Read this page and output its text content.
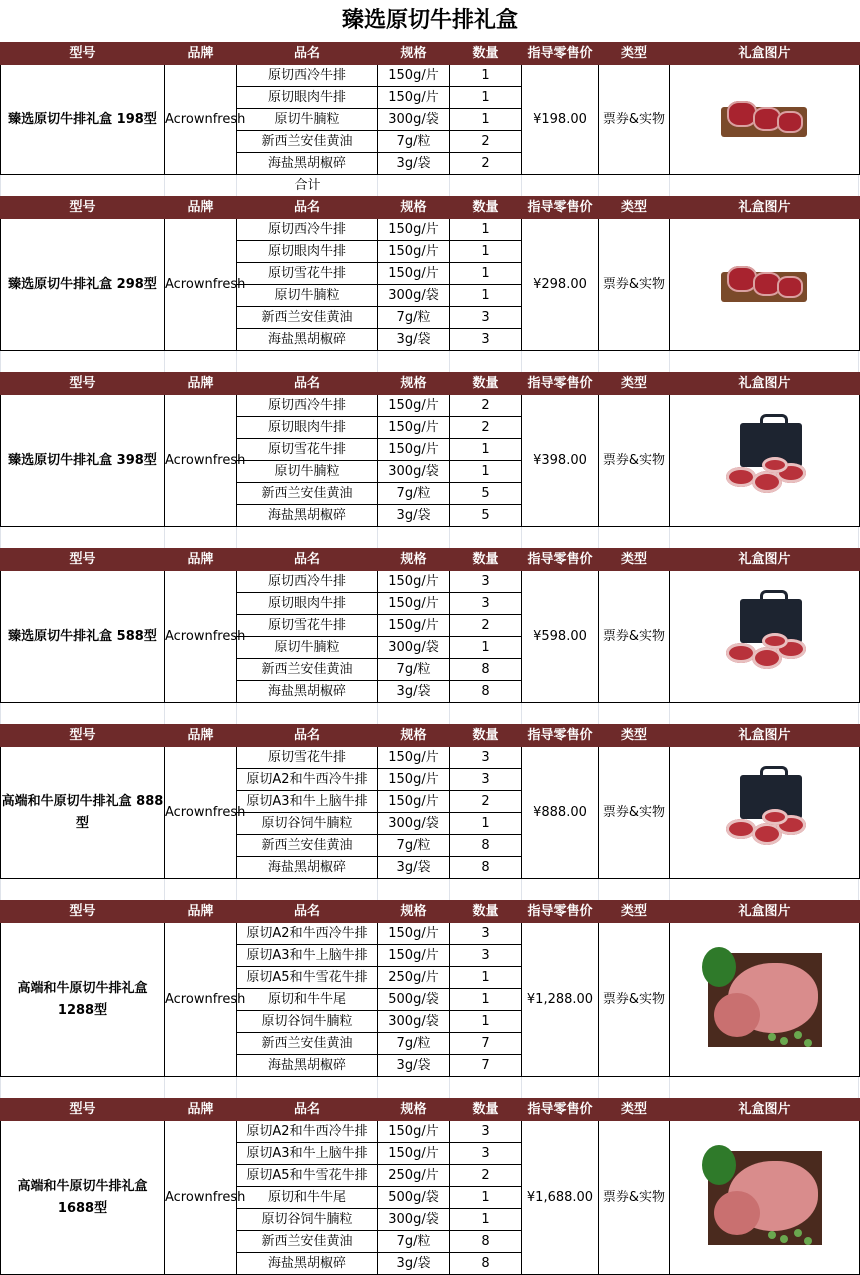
臻选原切牛排礼盒
型号	品牌	品名	规格	数量	指导零售价	类型	礼盒图片
臻选原切牛排礼盒 198型	Acrownfresh	原切西冷牛排	150g/片	1	¥198.00	票券&实物	

		原切眼肉牛排	150g/片	1			
		原切牛腩粒	300g/袋	1			
		新西兰安佳黄油	7g/粒	2			
		海盐黑胡椒碎	3g/袋	2			
合计
型号	品牌	品名	规格	数量	指导零售价	类型	礼盒图片
臻选原切牛排礼盒 298型	Acrownfresh	原切西冷牛排	150g/片	1	¥298.00	票券&实物	

		原切眼肉牛排	150g/片	1			
		原切雪花牛排	150g/片	1			
		原切牛腩粒	300g/袋	1			
		新西兰安佳黄油	7g/粒	3			
		海盐黑胡椒碎	3g/袋	3			
型号	品牌	品名	规格	数量	指导零售价	类型	礼盒图片
臻选原切牛排礼盒 398型	Acrownfresh	原切西冷牛排	150g/片	2	¥398.00	票券&实物	

		原切眼肉牛排	150g/片	2			
		原切雪花牛排	150g/片	1			
		原切牛腩粒	300g/袋	1			
		新西兰安佳黄油	7g/粒	5			
		海盐黑胡椒碎	3g/袋	5			
型号	品牌	品名	规格	数量	指导零售价	类型	礼盒图片
臻选原切牛排礼盒 588型	Acrownfresh	原切西冷牛排	150g/片	3	¥598.00	票券&实物	

		原切眼肉牛排	150g/片	3			
		原切雪花牛排	150g/片	2			
		原切牛腩粒	300g/袋	1			
		新西兰安佳黄油	7g/粒	8			
		海盐黑胡椒碎	3g/袋	8			
型号	品牌	品名	规格	数量	指导零售价	类型	礼盒图片
高端和牛原切牛排礼盒 888型	Acrownfresh	原切雪花牛排	150g/片	3	¥888.00	票券&实物	

		原切A2和牛西冷牛排	150g/片	3			
		原切A3和牛上脑牛排	150g/片	2			
		原切谷饲牛腩粒	300g/袋	1			
		新西兰安佳黄油	7g/粒	8			
		海盐黑胡椒碎	3g/袋	8			
型号	品牌	品名	规格	数量	指导零售价	类型	礼盒图片
高端和牛原切牛排礼盒 1288型	Acrownfresh	原切A2和牛西冷牛排	150g/片	3	¥1,288.00	票券&实物	

		原切A3和牛上脑牛排	150g/片	3			
		原切A5和牛雪花牛排	250g/片	1			
		原切和牛牛尾	500g/袋	1			
		原切谷饲牛腩粒	300g/袋	1			
		新西兰安佳黄油	7g/粒	7			
		海盐黑胡椒碎	3g/袋	7			
型号	品牌	品名	规格	数量	指导零售价	类型	礼盒图片
高端和牛原切牛排礼盒 1688型	Acrownfresh	原切A2和牛西冷牛排	150g/片	3	¥1,688.00	票券&实物	

		原切A3和牛上脑牛排	150g/片	3			
		原切A5和牛雪花牛排	250g/片	2			
		原切和牛牛尾	500g/袋	1			
		原切谷饲牛腩粒	300g/袋	1			
		新西兰安佳黄油	7g/粒	8			
		海盐黑胡椒碎	3g/袋	8			
